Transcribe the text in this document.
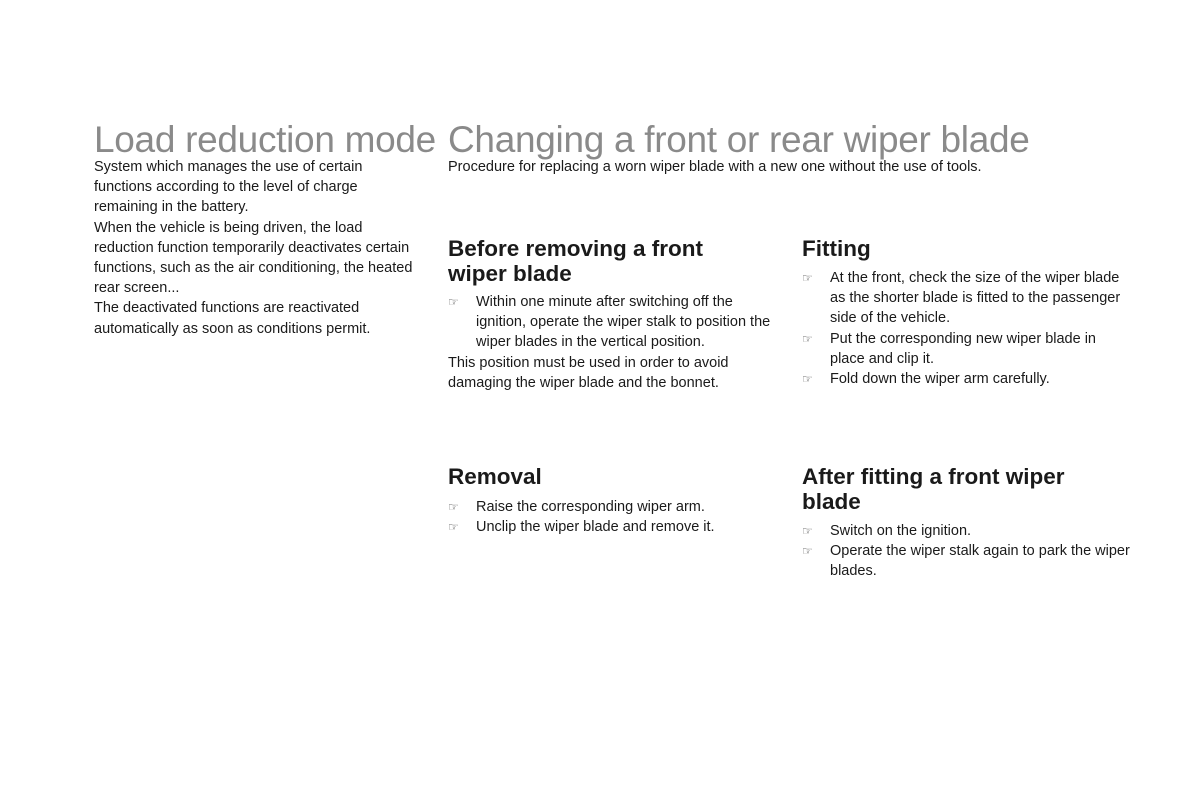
Load reduction mode

System which manages the use of certain functions according to the level of charge remaining in the battery.

When the vehicle is being driven, the load reduction function temporarily deactivates certain functions, such as the air conditioning, the heated rear screen...

The deactivated functions are reactivated automatically as soon as conditions permit.

Changing a front or rear wiper blade

Procedure for replacing a worn wiper blade with a new one without the use of tools.

Before removing a front wiper blade
☞ Within one minute after switching off the ignition, operate the wiper stalk to position the wiper blades in the vertical position.

This position must be used in order to avoid damaging the wiper blade and the bonnet.

Fitting
☞ At the front, check the size of the wiper blade as the shorter blade is fitted to the passenger side of the vehicle.
☞ Put the corresponding new wiper blade in place and clip it.
☞ Fold down the wiper arm carefully.
Removal
☞ Raise the corresponding wiper arm.
☞ Unclip the wiper blade and remove it.
After fitting a front wiper blade
☞ Switch on the ignition.
☞ Operate the wiper stalk again to park the wiper blades.
